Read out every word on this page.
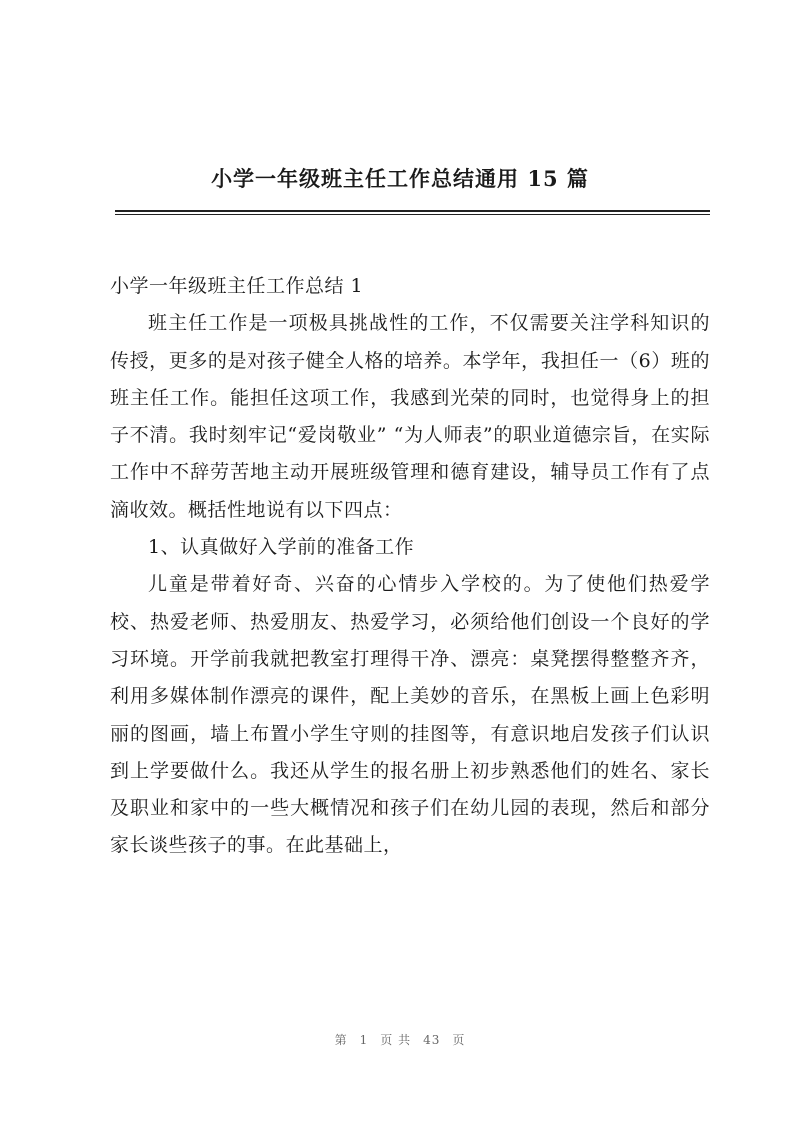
小学一年级班主任工作总结通用 15 篇

小学一年级班主任工作总结 1

班主任工作是一项极具挑战性的工作，不仅需要关注学科知识的传授，更多的是对孩子健全人格的培养。本学年，我担任一（6）班的班主任工作。能担任这项工作，我感到光荣的同时，也觉得身上的担子不清。我时刻牢记“爱岗敬业” “为人师表”的职业道德宗旨，在实际工作中不辞劳苦地主动开展班级管理和德育建设，辅导员工作有了点滴收效。概括性地说有以下四点：

1、认真做好入学前的准备工作

儿童是带着好奇、兴奋的心情步入学校的。为了使他们热爱学校、热爱老师、热爱朋友、热爱学习，必须给他们创设一个良好的学习环境。开学前我就把教室打理得干净、漂亮：桌凳摆得整整齐齐，利用多媒体制作漂亮的课件，配上美妙的音乐，在黑板上画上色彩明丽的图画，墙上布置小学生守则的挂图等，有意识地启发孩子们认识到上学要做什么。我还从学生的报名册上初步熟悉他们的姓名、家长及职业和家中的一些大概情况和孩子们在幼儿园的表现，然后和部分家长谈些孩子的事。在此基础上，

第 1 页 共 43 页
